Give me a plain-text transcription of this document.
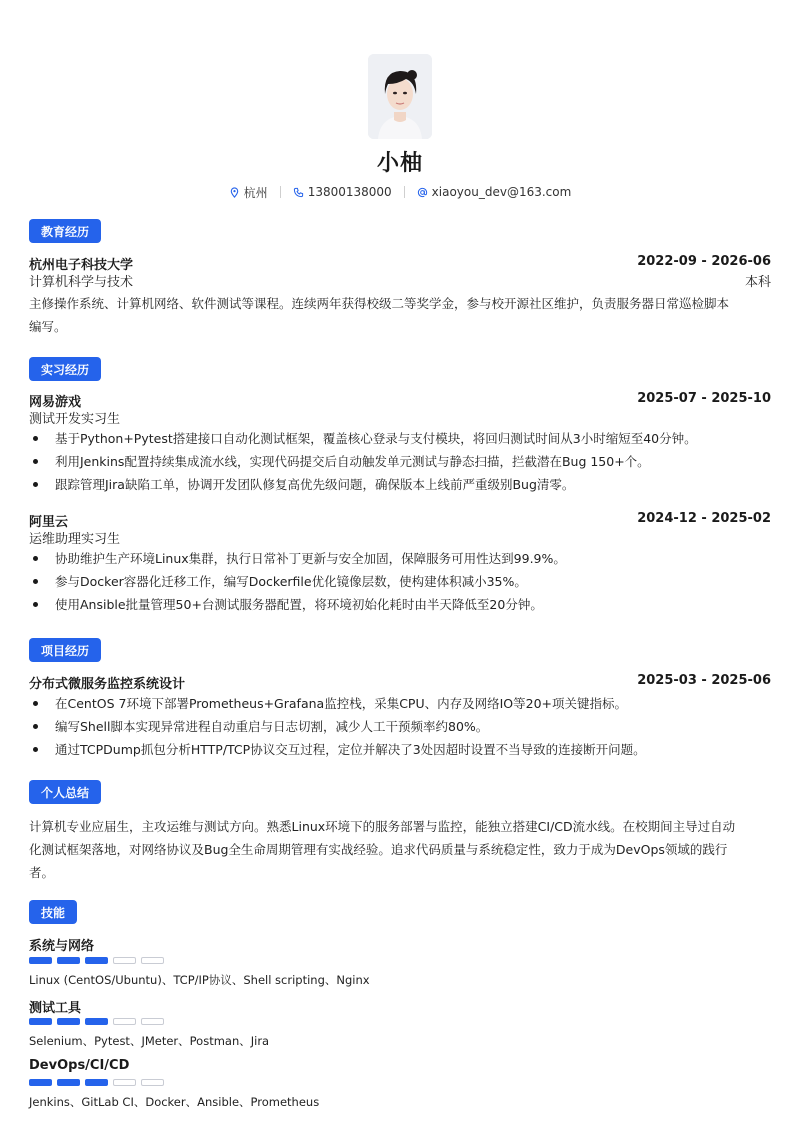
小柚
杭州	13800138000	xiaoyou_dev@163.com
教育经历
杭州电子科技大学	2022-09 - 2026-06
计算机科学与技术	本科
主修操作系统、计算机网络、软件测试等课程。连续两年获得校级二等奖学金，参与校开源社区维护，负责服务器日常巡检脚本
编写。
实习经历
网易游戏	2025-07 - 2025-10
测试开发实习生
基于Python+Pytest搭建接口自动化测试框架，覆盖核心登录与支付模块，将回归测试时间从3小时缩短至40分钟。
利用Jenkins配置持续集成流水线，实现代码提交后自动触发单元测试与静态扫描，拦截潜在Bug 150+个。
跟踪管理Jira缺陷工单，协调开发团队修复高优先级问题，确保版本上线前严重级别Bug清零。
阿里云	2024-12 - 2025-02
运维助理实习生
协助维护生产环境Linux集群，执行日常补丁更新与安全加固，保障服务可用性达到99.9%。
参与Docker容器化迁移工作，编写Dockerfile优化镜像层数，使构建体积减小35%。
使用Ansible批量管理50+台测试服务器配置，将环境初始化耗时由半天降低至20分钟。
项目经历
分布式微服务监控系统设计	2025-03 - 2025-06
在CentOS 7环境下部署Prometheus+Grafana监控栈，采集CPU、内存及网络IO等20+项关键指标。
编写Shell脚本实现异常进程自动重启与日志切割，减少人工干预频率约80%。
通过TCPDump抓包分析HTTP/TCP协议交互过程，定位并解决了3处因超时设置不当导致的连接断开问题。
个人总结
计算机专业应届生，主攻运维与测试方向。熟悉Linux环境下的服务部署与监控，能独立搭建CI/CD流水线。在校期间主导过自动
化测试框架落地，对网络协议及Bug全生命周期管理有实战经验。追求代码质量与系统稳定性，致力于成为DevOps领域的践行
者。
技能
系统与网络
Linux (CentOS/Ubuntu)、TCP/IP协议、Shell scripting、Nginx
测试工具
Selenium、Pytest、JMeter、Postman、Jira
DevOps/CI/CD
Jenkins、GitLab CI、Docker、Ansible、Prometheus
